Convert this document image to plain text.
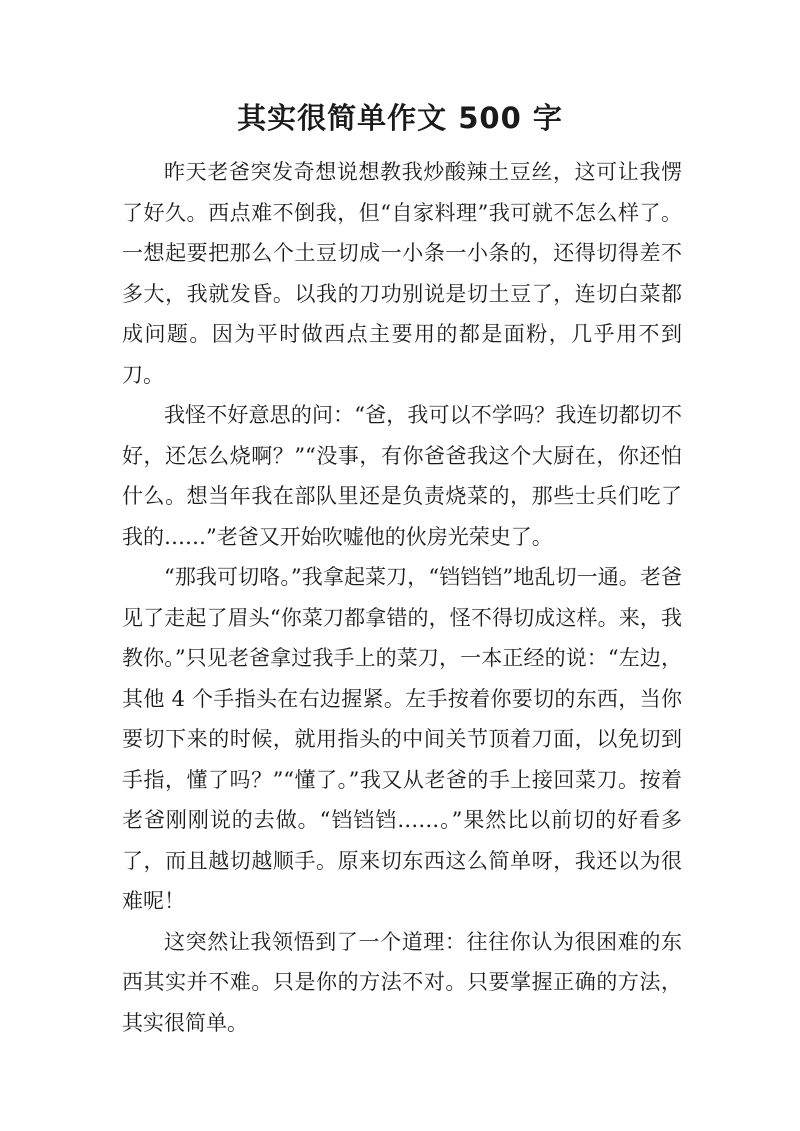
其实很简单作文 500 字

昨天老爸突发奇想说想教我炒酸辣土豆丝，这可让我愣了好久。西点难不倒我，但“自家料理”我可就不怎么样了。一想起要把那么个土豆切成一小条一小条的，还得切得差不多大，我就发昏。以我的刀功别说是切土豆了，连切白菜都成问题。因为平时做西点主要用的都是面粉，几乎用不到刀。

我怪不好意思的问：“爸，我可以不学吗？我连切都切不好，还怎么烧啊？”“没事，有你爸爸我这个大厨在，你还怕什么。想当年我在部队里还是负责烧菜的，那些士兵们吃了我的……”老爸又开始吹嘘他的伙房光荣史了。

“那我可切咯。”我拿起菜刀，“铛铛铛”地乱切一通。老爸见了走起了眉头“你菜刀都拿错的，怪不得切成这样。来，我教你。”只见老爸拿过我手上的菜刀，一本正经的说：“左边，其他 4 个手指头在右边握紧。左手按着你要切的东西，当你要切下来的时候，就用指头的中间关节顶着刀面，以免切到手指，懂了吗？”“懂了。”我又从老爸的手上接回菜刀。按着老爸刚刚说的去做。“铛铛铛……。”果然比以前切的好看多了，而且越切越顺手。原来切东西这么简单呀，我还以为很难呢！

这突然让我领悟到了一个道理：往往你认为很困难的东西其实并不难。只是你的方法不对。只要掌握正确的方法，其实很简单。
